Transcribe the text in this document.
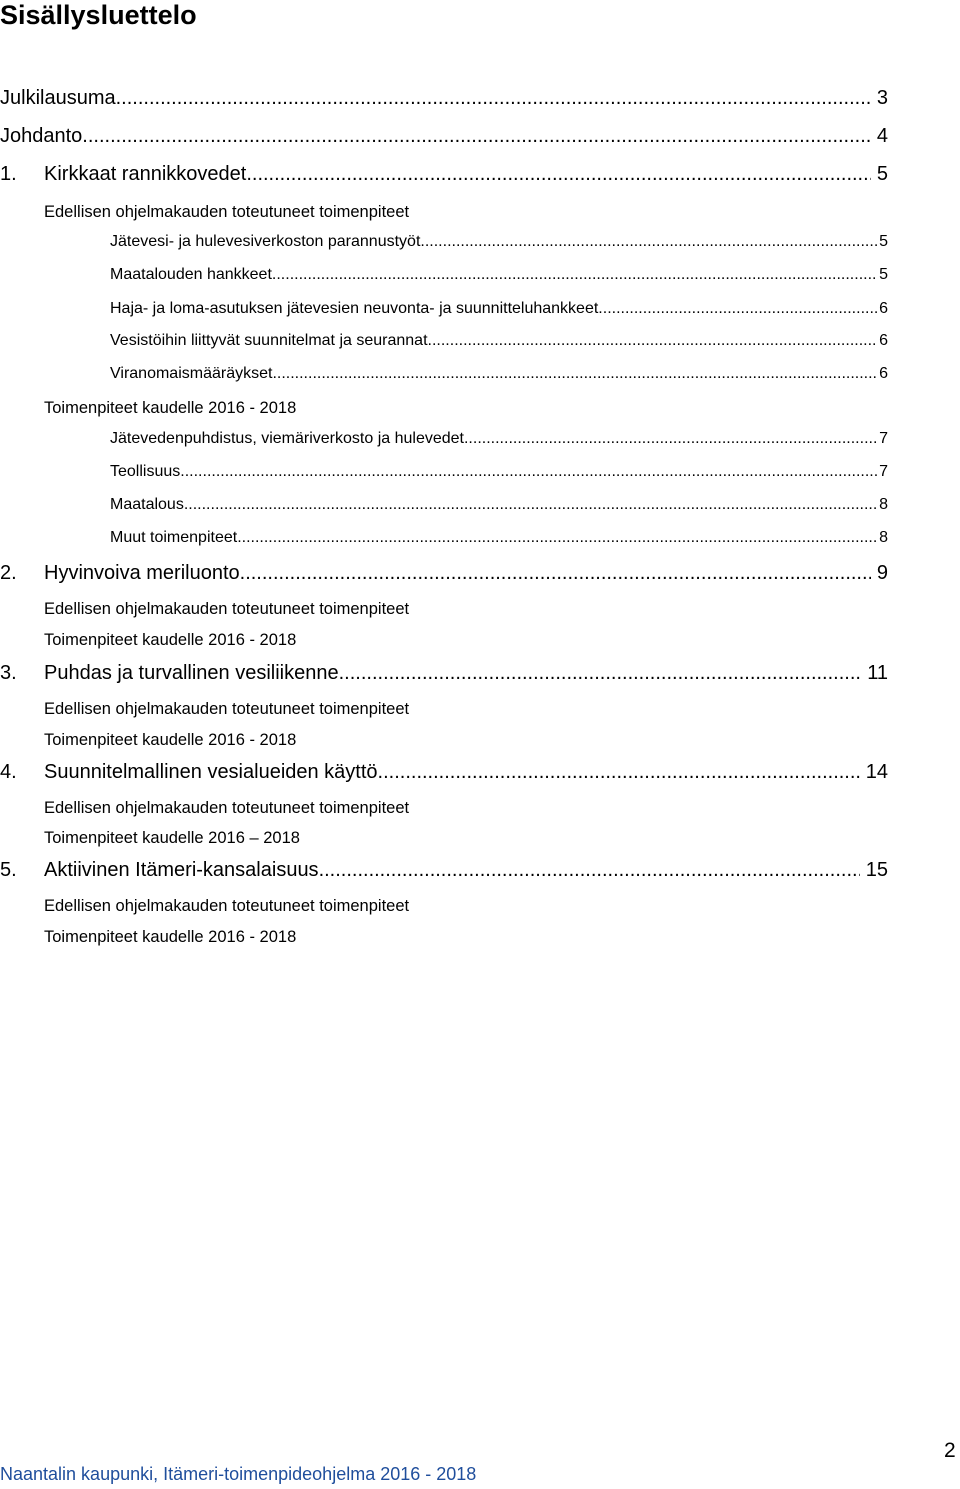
Sisällysluettelo
Julkilausuma .....	3
Johdanto .....	4
1.	Kirkkaat rannikkovedet .....	5
Edellisen ohjelmakauden toteutuneet toimenpiteet
Jätevesi- ja hulevesiverkoston parannustyöt .....	5
Maatalouden hankkeet .....	5
Haja- ja loma-asutuksen jätevesien neuvonta- ja suunnitteluhankkeet .....	6
Vesistöihin liittyvät suunnitelmat ja seurannat .....	6
Viranomaismääräykset .....	6
Toimenpiteet kaudelle 2016 - 2018
Jätevedenpuhdistus, viemäriverkosto ja hulevedet .....	7
Teollisuus .....	7
Maatalous .....	8
Muut toimenpiteet .....	8
2.	Hyvinvoiva meriluonto .....	9
Edellisen ohjelmakauden toteutuneet toimenpiteet
Toimenpiteet kaudelle 2016 - 2018
3.	Puhdas ja turvallinen vesiliikenne .....	11
Edellisen ohjelmakauden toteutuneet toimenpiteet
Toimenpiteet kaudelle 2016 - 2018
4.	Suunnitelmallinen vesialueiden käyttö .....	14
Edellisen ohjelmakauden toteutuneet toimenpiteet
Toimenpiteet kaudelle 2016 – 2018
5.	Aktiivinen Itämeri-kansalaisuus .....	15
Edellisen ohjelmakauden toteutuneet toimenpiteet
Toimenpiteet kaudelle 2016 - 2018
Naantalin kaupunki, Itämeri-toimenpideohjelma 2016 - 2018
2
